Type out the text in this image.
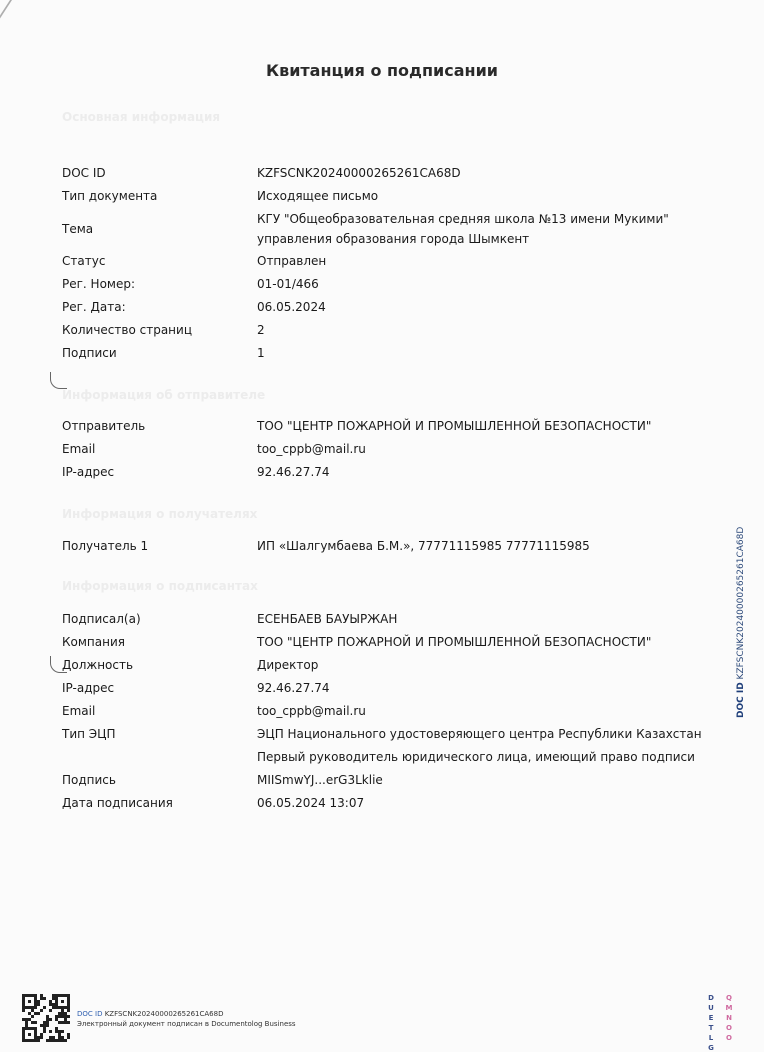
Квитанция о подписании
Основная информация
DOC ID	KZFSCNK20240000265261CA68D
Тип документа	Исходящее письмо
Тема
КГУ "Общеобразовательная средняя школа №13 имени Мукими"
управления образования города Шымкент
Статус	Отправлен
Рег. Номер:	01-01/466
Рег. Дата:	06.05.2024
Количество страниц	2
Подписи	1
Информация об отправителе
Отправитель	ТОО "ЦЕНТР ПОЖАРНОЙ И ПРОМЫШЛЕННОЙ БЕЗОПАСНОСТИ"
Email	too_cppb@mail.ru
IP-адрес	92.46.27.74
Информация о получателях
Получатель 1	ИП «Шалгумбаева Б.М.», 77771115985 77771115985
Информация о подписантах
Подписал(а)	ЕСЕНБАЕВ БАУЫРЖАН
Компания	ТОО "ЦЕНТР ПОЖАРНОЙ И ПРОМЫШЛЕННОЙ БЕЗОПАСНОСТИ"
Должность	Директор
IP-адрес	92.46.27.74
Email	too_cppb@mail.ru
Тип ЭЦП	ЭЦП Национального удостоверяющего центра Республики Казахстан
Первый руководитель юридического лица, имеющий право подписи
Подпись	MIISmwYJ...erG3Lklie
Дата подписания	06.05.2024 13:07
DOC ID KZFSCNK20240000265261CA68D
DOC ID KZFSCNK20240000265261CA68D
Электронный документ подписан в Documentolog Business
D	Q
U	M
E	N
T	O
L	O
G
